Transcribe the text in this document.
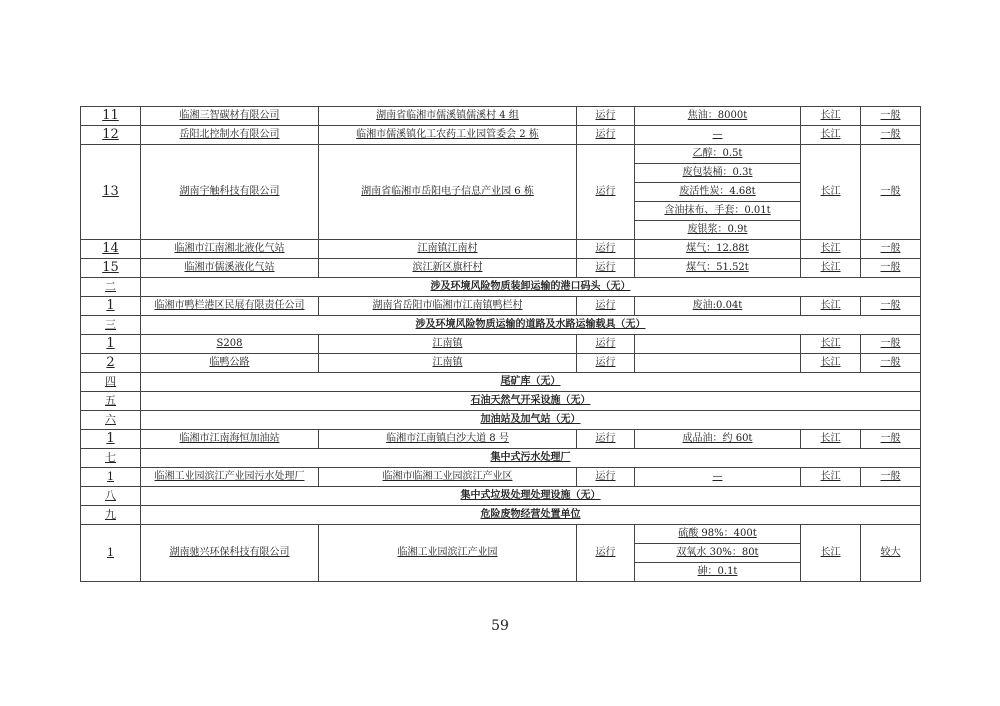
11	临湘三智碳材有限公司	湖南省临湘市儒溪镇儒溪村 4 组	运行	焦油：8000t	长江	一般
12	岳阳北控制水有限公司	临湘市儒溪镇化工农药工业园管委会 2 栋	运行	—	长江	一般
13	湖南宇触科技有限公司	湖南省临湘市岳阳电子信息产业园 6 栋	运行	乙醇：0.5t	长江	一般
				废包装桶：0.3t		
				废活性炭：4.68t		
				含油抹布、手套：0.01t		
				废银浆：0.9t		
14	临湘市江南湘北液化气站	江南镇江南村	运行	煤气：12.88t	长江	一般
15	临湘市儒溪液化气站	滨江新区旗杆村	运行	煤气：51.52t	长江	一般
二	涉及环境风险物质装卸运输的港口码头（无）					
1	临湘市鸭栏港区民展有限责任公司	湖南省岳阳市临湘市江南镇鸭栏村	运行	废油:0.04t	长江	一般
三	涉及环境风险物质运输的道路及水路运输载具（无）					
1	S208	江南镇	运行		长江	一般
2	临鸭公路	江南镇	运行		长江	一般
四	尾矿库（无）					
五	石油天然气开采设施（无）					
六	加油站及加气站（无）					
1	临湘市江南海恒加油站	临湘市江南镇白沙大道 8 号	运行	成品油：约 60t	长江	一般
七	集中式污水处理厂					
1	临湘工业园滨江产业园污水处理厂	临湘市临湘工业园滨江产业区	运行	—	长江	一般
八	集中式垃圾处理处理设施（无）					
九	危险废物经营处置单位					
1	湖南驰兴环保科技有限公司	临湘工业园滨江产业园	运行	硫酸 98%：400t	长江	较大
				双氧水 30%：80t		
				砷：0.1t		
59
